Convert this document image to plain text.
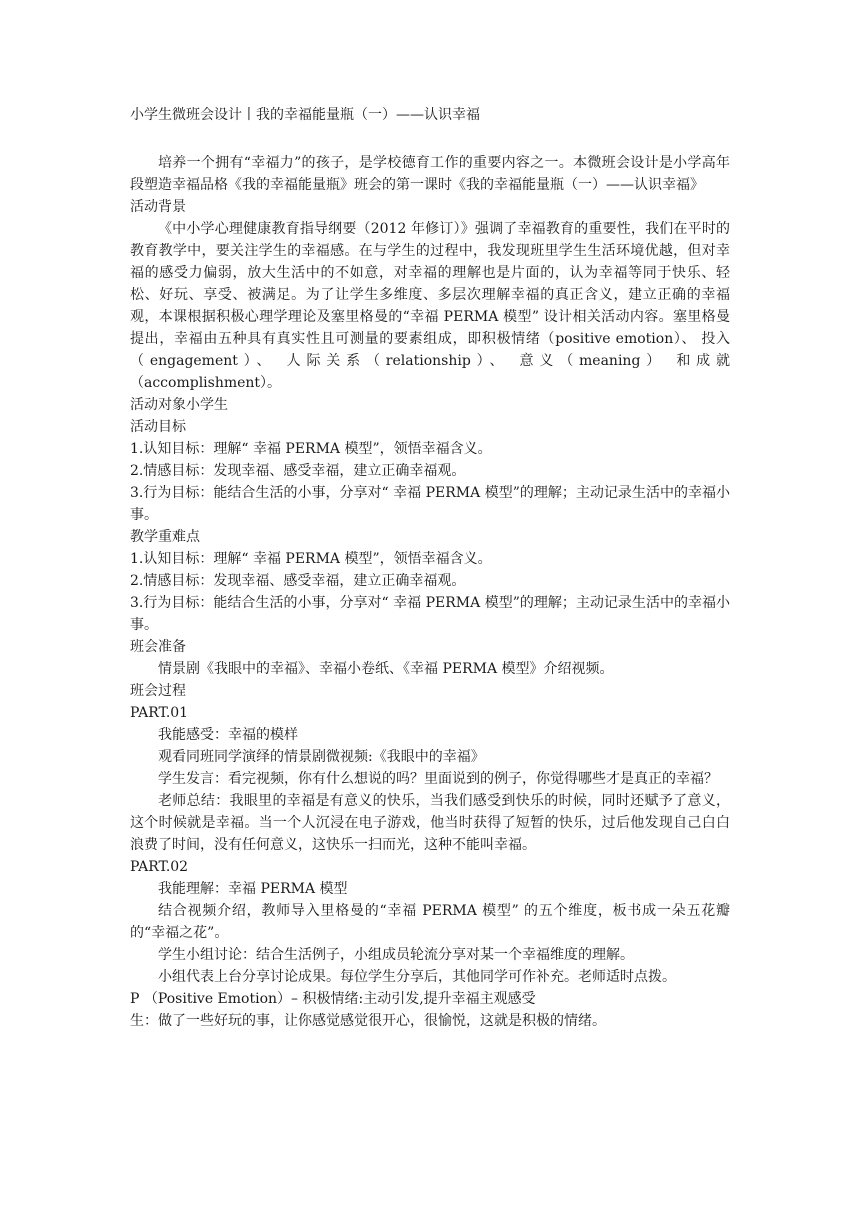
小学生微班会设计丨我的幸福能量瓶（一）——认识幸福

培养一个拥有“幸福力”的孩子，是学校德育工作的重要内容之一。本微班会设计是小学高年段塑造幸福品格《我的幸福能量瓶》班会的第一课时《我的幸福能量瓶（一）——认识幸福》

活动背景

《中小学心理健康教育指导纲要（2012 年修订）》强调了幸福教育的重要性，我们在平时的教育教学中，要关注学生的幸福感。在与学生的过程中，我发现班里学生生活环境优越，但对幸福的感受力偏弱，放大生活中的不如意，对幸福的理解也是片面的，认为幸福等同于快乐、轻松、好玩、享受、被满足。为了让学生多维度、多层次理解幸福的真正含义，建立正确的幸福观，本课根据积极心理学理论及塞里格曼的“幸福 PERMA 模型” 设计相关活动内容。塞里格曼提出，幸福由五种具有真实性且可测量的要素组成，即积极情绪（positive emotion）、 投入（engagement）、 人际关系（relationship）、 意义（meaning） 和成就（accomplishment）。

活动对象小学生

活动目标

1.认知目标：理解“ 幸福 PERMA 模型”，领悟幸福含义。

2.情感目标：发现幸福、感受幸福，建立正确幸福观。

3.行为目标：能结合生活的小事，分享对“ 幸福 PERMA 模型”的理解；主动记录生活中的幸福小事。

教学重难点

1.认知目标：理解“ 幸福 PERMA 模型”，领悟幸福含义。

2.情感目标：发现幸福、感受幸福，建立正确幸福观。

3.行为目标：能结合生活的小事，分享对“ 幸福 PERMA 模型”的理解；主动记录生活中的幸福小事。

班会准备

情景剧《我眼中的幸福》、幸福小卷纸、《幸福 PERMA 模型》介绍视频。

班会过程

PART.01

我能感受：幸福的模样

观看同班同学演绎的情景剧微视频:《我眼中的幸福》

学生发言：看完视频，你有什么想说的吗？里面说到的例子，你觉得哪些才是真正的幸福？

老师总结：我眼里的幸福是有意义的快乐，当我们感受到快乐的时候，同时还赋予了意义，这个时候就是幸福。当一个人沉浸在电子游戏，他当时获得了短暂的快乐，过后他发现自己白白浪费了时间，没有任何意义，这快乐一扫而光，这种不能叫幸福。

PART.02

我能理解：幸福 PERMA 模型

结合视频介绍，教师导入里格曼的“幸福 PERMA 模型” 的五个维度，板书成一朵五花瓣的“幸福之花”。

学生小组讨论：结合生活例子，小组成员轮流分享对某一个幸福维度的理解。

小组代表上台分享讨论成果。每位学生分享后，其他同学可作补充。老师适时点拨。

P （Positive Emotion）– 积极情绪:主动引发,提升幸福主观感受

生：做了一些好玩的事，让你感觉感觉很开心，很愉悦，这就是积极的情绪。
